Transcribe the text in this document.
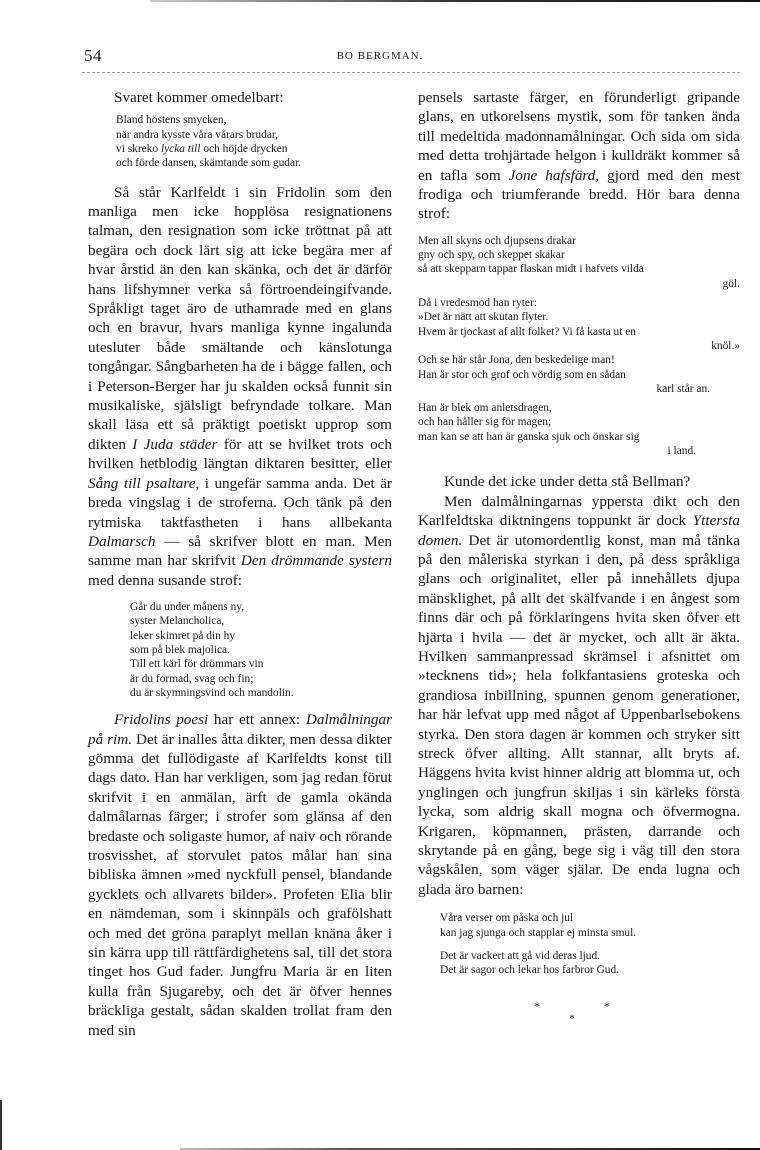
54	BO BERGMAN.

Svaret kommer omedelbart:

Bland höstens smycken,
när andra kysste våra vårars brudar,
vi skreko lycka till och höjde drycken
och förde dansen, skämtande som gudar.

Så står Karlfeldt i sin Fridolin som den manliga men icke hopplösa resignationens talman, den resignation som icke tröttnat på att begära och dock lärt sig att icke begära mer af hvar årstid än den kan skänka, och det är därför hans lifshymner verka så förtroendeingifvande. Språkligt taget äro de uthamrade med en glans och en bravur, hvars manliga kynne ingalunda utesluter både smältande och känslotunga tongångar. Sångbarheten ha de i bägge fallen, och i Peterson-Berger har ju skalden också funnit sin musikaliske, själsligt befryndade tolkare. Man skall läsa ett så präktigt poetiskt upprop som dikten I Juda städer för att se hvilket trots och hvilken hetblodig längtan diktaren besitter, eller Sång till psaltare, i ungefär samma anda. Det är breda vingslag i de stroferna. Och tänk på den rytmiska taktfastheten i hans allbekanta Dalmarsch — så skrifver blott en man. Men samme man har skrifvit Den drömmande systern med denna susande strof:

Går du under månens ny,
syster Melancholica,
leker skimret på din hy
som på blek majolica.
Till ett kärl för drömmars vin
är du formad, svag och fin;
du är skymningsvind och mandolin.

Fridolins poesi har ett annex: Dalmålningar på rim. Det är inalles åtta dikter, men dessa dikter gömma det fullödigaste af Karlfeldts konst till dags dato. Han har verkligen, som jag redan förut skrifvit i en anmälan, ärft de gamla okända dalmålarnas färger; i strofer som glänsa af den bredaste och soligaste humor, af naiv och rörande trosvisshet, af storvulet patos målar han sina bibliska ämnen »med nyckfull pensel, blandande gycklets och allvarets bilder». Profeten Elia blir en nämdeman, som i skinnpäls och grafölshatt och med det gröna paraplyt mellan knäna åker i sin kärra upp till rättfärdighetens sal, till det stora tinget hos Gud fader. Jungfru Maria är en liten kulla från Sjugareby, och det är öfver hennes bräckliga gestalt, sådan skalden trollat fram den med sin

pensels sartaste färger, en förunderligt gripande glans, en utkorelsens mystik, som för tanken ända till medeltida madonnamålningar. Och sida om sida med detta trohjärtade helgon i kulldräkt kommer så en tafla som Jone hafsfärd, gjord med den mest frodiga och triumferande bredd. Hör bara denna strof:

Men all skyns och djupsens drakar
gny och spy, och skeppet skakar
så att skepparn tappar flaskan midt i hafvets vilda
göl.
Då i vredesmod han ryter:
»Det är nätt att skutan flyter.
Hvem är tjockast af allt folket? Vi få kasta ut en
knöl.»
Och se här står Jona, den beskedelige man!
Han är stor och grof och vördig som en sådan
karl står an.
Han är blek om anletsdragen,
och han håller sig för magen;
man kan se att han är ganska sjuk och önskar sig
i land.

Kunde det icke under detta stå Bellman?

Men dalmålningarnas yppersta dikt och den Karlfeldtska diktningens toppunkt är dock Yttersta domen. Det är utomordentlig konst, man må tänka på den måleriska styrkan i den, på dess språkliga glans och originalitet, eller på innehållets djupa mänsklighet, på allt det skälfvande i en ångest som finns där och på förklaringens hvita sken öfver ett hjärta i hvila — det är mycket, och allt är äkta. Hvilken sammanpressad skrämsel i afsnittet om »tecknens tid»; hela folkfantasiens groteska och grandiosa inbillning, spunnen genom generationer, har här lefvat upp med något af Uppenbarlsebokens styrka. Den stora dagen är kommen och stryker sitt streck öfver allting. Allt stannar, allt bryts af. Häggens hvita kvist hinner aldrig att blomma ut, och ynglingen och jungfrun skiljas i sin kärleks första lycka, som aldrig skall mogna och öfvermogna. Krigaren, köpmannen, prästen, darrande och skrytande på en gång, bege sig i väg till den stora vågskålen, som väger själar. De enda lugna och glada äro barnen:

Våra verser om påska och jul
kan jag sjunga och stapplar ej minsta smul.
Det är vackert att gå vid deras ljud.
Det är sagor och lekar hos farbror Gud.
*	*
*
